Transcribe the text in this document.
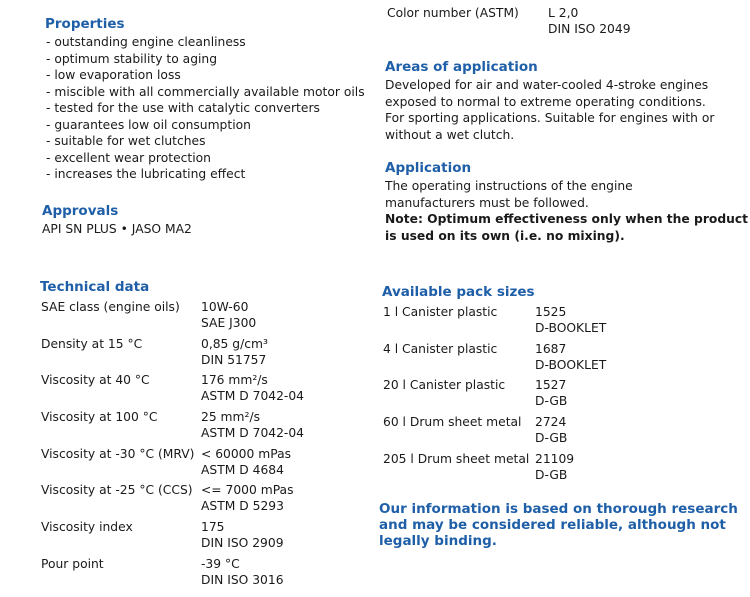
Properties
- outstanding engine cleanliness
- optimum stability to aging
- low evaporation loss
- miscible with all commercially available motor oils
- tested for the use with catalytic converters
- guarantees low oil consumption
- suitable for wet clutches
- excellent wear protection
- increases the lubricating effect
Approvals
API SN PLUS • JASO MA2
Color number (ASTM) L 2,0
DIN ISO 2049
Areas of application
Developed for air and water-cooled 4-stroke engines
exposed to normal to extreme operating conditions.
For sporting applications. Suitable for engines with or
without a wet clutch.
Application
The operating instructions of the engine
manufacturers must be followed.
Note: Optimum effectiveness only when the product
is used on its own (i.e. no mixing).
Technical data
SAE class (engine oils) 10W-60
SAE J300
Density at 15 °C	0,85 g/cm³
DIN 51757
Viscosity at 40 °C	176 mm²/s
ASTM D 7042-04
Viscosity at 100 °C	25 mm²/s
ASTM D 7042-04
Viscosity at -30 °C (MRV) < 60000 mPas
ASTM D 4684
Viscosity at -25 °C (CCS) <= 7000 mPas
ASTM D 5293
Viscosity index	175
DIN ISO 2909
Pour point	-39 °C
DIN ISO 3016
Available pack sizes
1 l Canister plastic	1525
D-BOOKLET
4 l Canister plastic	1687
D-BOOKLET
20 l Canister plastic 1527
D-GB
60 l Drum sheet metal 2724
D-GB
205 l Drum sheet metal 21109
D-GB
Our information is based on thorough research
and may be considered reliable, although not
legally binding.
